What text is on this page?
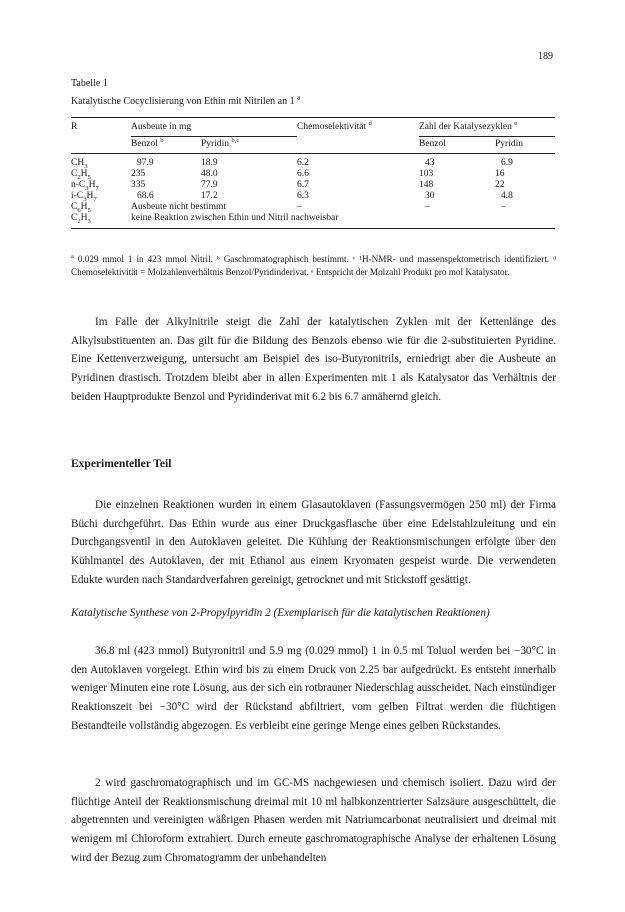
189
Tabelle 1
Katalytische Cocyclisierung von Ethin mit Nitrilen an 1 $^a$
R	Ausbeute in mg		Chemoselektivität $^d$	Zahl der Katalysezyklen $^e$
	Benzol $^b$	Pyridin $^{b,c}$		Benzol	Pyridin
$CH_3$	97.9	18.9	6.2	43	6.9
$C_2H_5$	235	48.0	6.6	103	16
$n-C_3H_7$	335	77.9	6.7	148	22
$i-C_3H_7$	68.6	17.2	6.3	30	4.8
$C_6H_5$	Ausbeute nicht bestimmt		–	–	–
$C_2H_3$	keine Reaktion zwischen Ethin und Nitril nachweisbar				
$^a$ 0.029 mmol 1 in 423 mmol Nitril. ᵇ Gaschromatographisch bestimmt. ᶜ ¹H-NMR- und massenspektometrisch identifiziert. ᵈ Chemoselektivität = Molzahlenverhältnis Benzol/Pyridinderivat. ᵉ Entspricht der Molzahl Produkt pro mol Katalysator.

Im Falle der Alkylnitrile steigt die Zahl der katalytischen Zyklen mit der Kettenlänge des Alkylsubstituenten an. Das gilt für die Bildung des Benzols ebenso wie für die 2-substituierten Pyridine. Eine Kettenverzweigung, untersucht am Beispiel des iso-Butyronitrils, erniedrigt aber die Ausbeute an Pyridinen drastisch. Trotzdem bleibt aber in allen Experimenten mit 1 als Katalysator das Verhältnis der beiden Hauptprodukte Benzol und Pyridinderivat mit 6.2 bis 6.7 annähernd gleich.

Experimenteller Teil

Die einzelnen Reaktionen wurden in einem Glasautoklaven (Fassungsvermögen 250 ml) der Firma Büchi durchgeführt. Das Ethin wurde aus einer Druckgasflasche über eine Edelstahlzuleitung und ein Durchgangsventil in den Autoklaven geleitet. Die Kühlung der Reaktionsmischungen erfolgte über den Kühlmantel des Autoklaven, der mit Ethanol aus einem Kryomaten gespeist wurde. Die verwendeten Edukte wurden nach Standardverfahren gereinigt, getrocknet und mit Stickstoff gesättigt.

Katalytische Synthese von 2-Propylpyridin 2 (Exemplarisch für die katalytischen Reaktionen)

36.8 ml (423 mmol) Butyronitril und 5.9 mg (0.029 mmol) 1 in 0.5 ml Toluol werden bei −30°C in den Autoklaven vorgelegt. Ethin wird bis zu einem Druck von 2.25 bar aufgedrückt. Es entsteht innerhalb weniger Minuten eine rote Lösung, aus der sich ein rotbrauner Niederschlag ausscheidet. Nach einstündiger Reaktionszeit bei −30°C wird der Rückstand abfiltriert, vom gelben Filtrat werden die flüchtigen Bestandteile vollständig abgezogen. Es verbleibt eine geringe Menge eines gelben Rückstandes.

2 wird gaschromatographisch und im GC-MS nachgewiesen und chemisch isoliert. Dazu wird der flüchtige Anteil der Reaktionsmischung dreimal mit 10 ml halbkonzentrierter Salzsäure ausgeschüttelt, die abgetrennten und vereinigten wäßrigen Phasen werden mit Natriumcarbonat neutralisiert und dreimal mit wenigem ml Chloroform extrahiert. Durch erneute gaschromatographische Analyse der erhaltenen Lösung wird der Bezug zum Chromatogramm der unbehandelten
